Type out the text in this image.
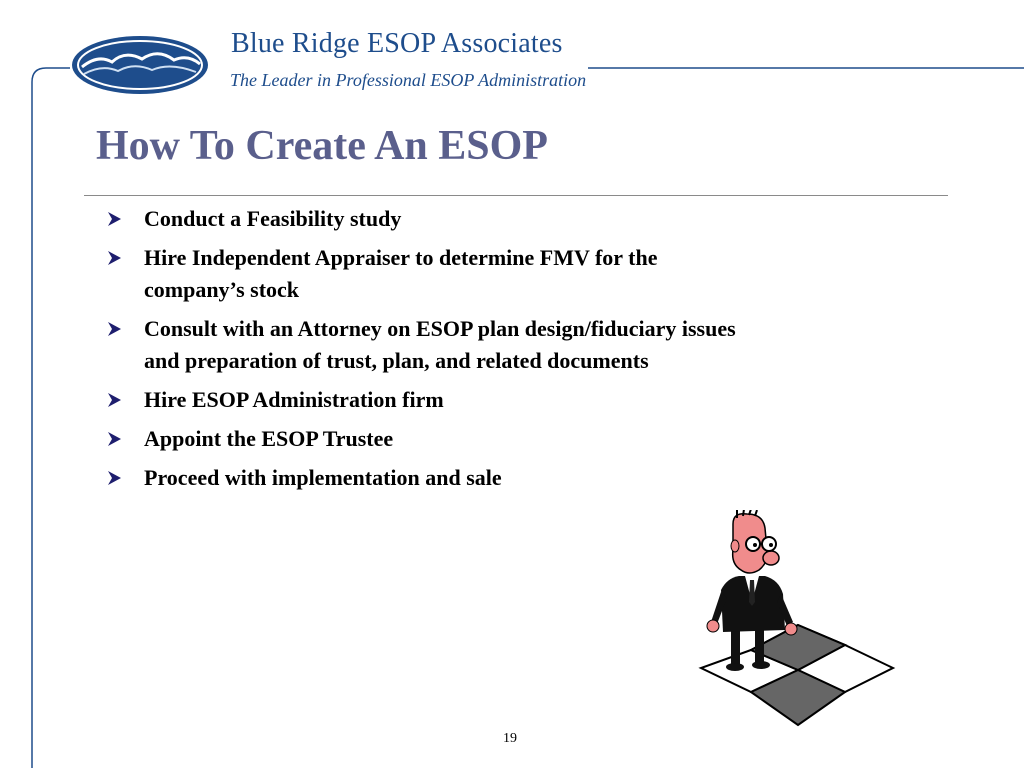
Blue Ridge ESOP Associates
The Leader in Professional ESOP Administration
How To Create An ESOP
Conduct a Feasibility study
Hire Independent Appraiser to determine FMV for the company’s stock
Consult with an Attorney on ESOP plan design/fiduciary issues and preparation of trust, plan, and related documents
Hire ESOP Administration firm
Appoint the ESOP Trustee
Proceed with implementation and sale
19
